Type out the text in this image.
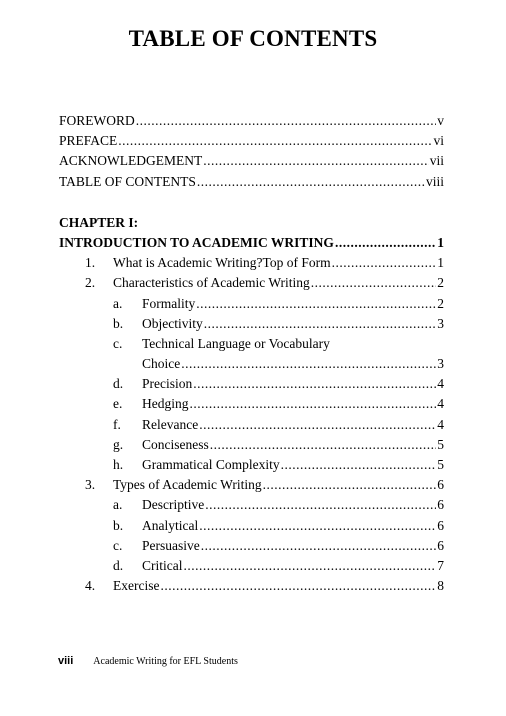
TABLE OF CONTENTS
FOREWORD .....	v
PREFACE .....	vi
ACKNOWLEDGEMENT .....	vii
TABLE OF CONTENTS .....	viii
CHAPTER I:
INTRODUCTION TO ACADEMIC WRITING .....	1
1.	What is Academic Writing?Top of Form .....	1
2.	Characteristics of Academic Writing .....	2
a.	Formality .....	2
b.	Objectivity .....	3
c.	Technical Language or Vocabulary
Choice .....	3
d.	Precision .....	4
e.	Hedging .....	4
f.	Relevance .....	4
g.	Conciseness .....	5
h.	Grammatical Complexity .....	5
3.	Types of Academic Writing .....	6
a.	Descriptive .....	6
b.	Analytical .....	6
c.	Persuasive .....	6
d.	Critical .....	7
4.	Exercise .....	8
viii Academic Writing for EFL Students
